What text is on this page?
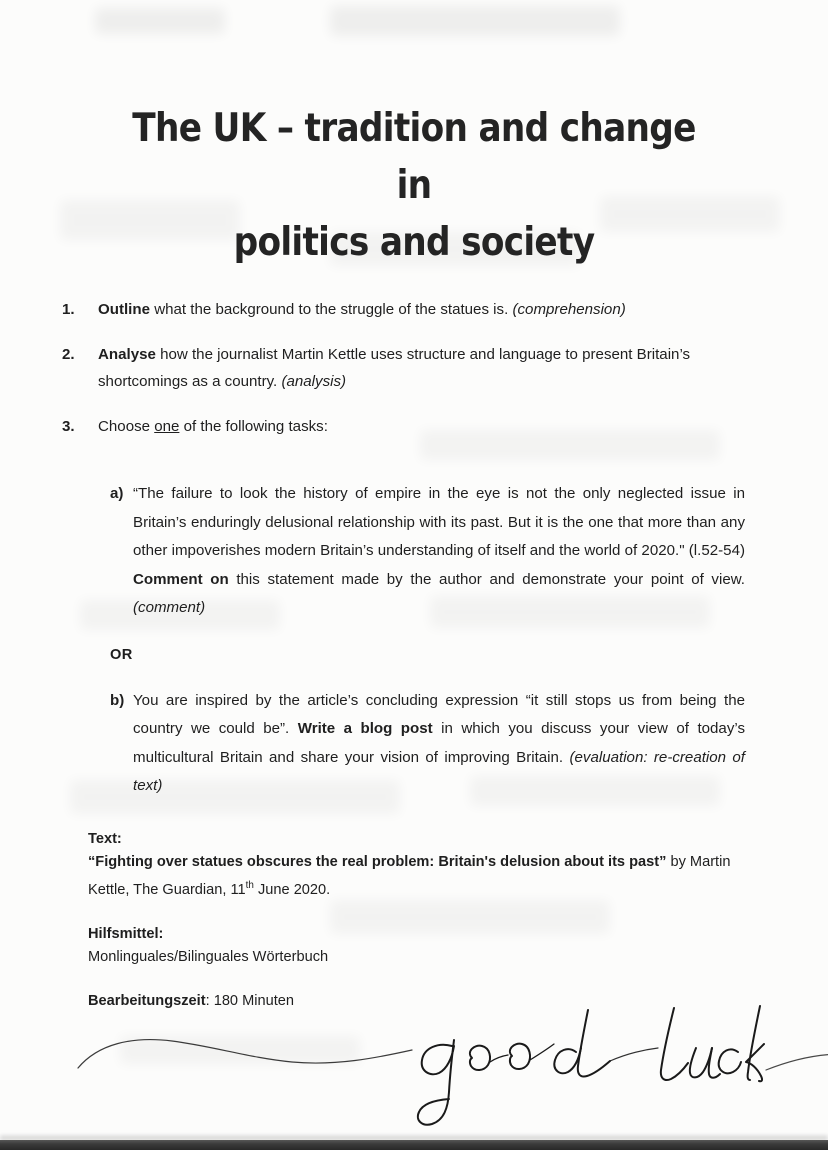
The UK – tradition and change in
politics and society
1. Outline what the background to the struggle of the statues is. (comprehension)
2. Analyse how the journalist Martin Kettle uses structure and language to present Britain’s shortcomings as a country. (analysis)
3. Choose one of the following tasks:
a) “The failure to look the history of empire in the eye is not the only neglected issue in Britain’s enduringly delusional relationship with its past. But it is the one that more than any other impoverishes modern Britain’s understanding of itself and the world of 2020." (l.52-54) Comment on this statement made by the author and demonstrate your point of view. (comment)
OR
b) You are inspired by the article’s concluding expression “it still stops us from being the country we could be”. Write a blog post in which you discuss your view of today’s multicultural Britain and share your vision of improving Britain. (evaluation: re-creation of text)
Text:
“Fighting over statues obscures the real problem: Britain's delusion about its past” by Martin Kettle, The Guardian, 11th June 2020.
Hilfsmittel:
Monlinguales/Bilinguales Wörterbuch
Bearbeitungszeit: 180 Minuten
